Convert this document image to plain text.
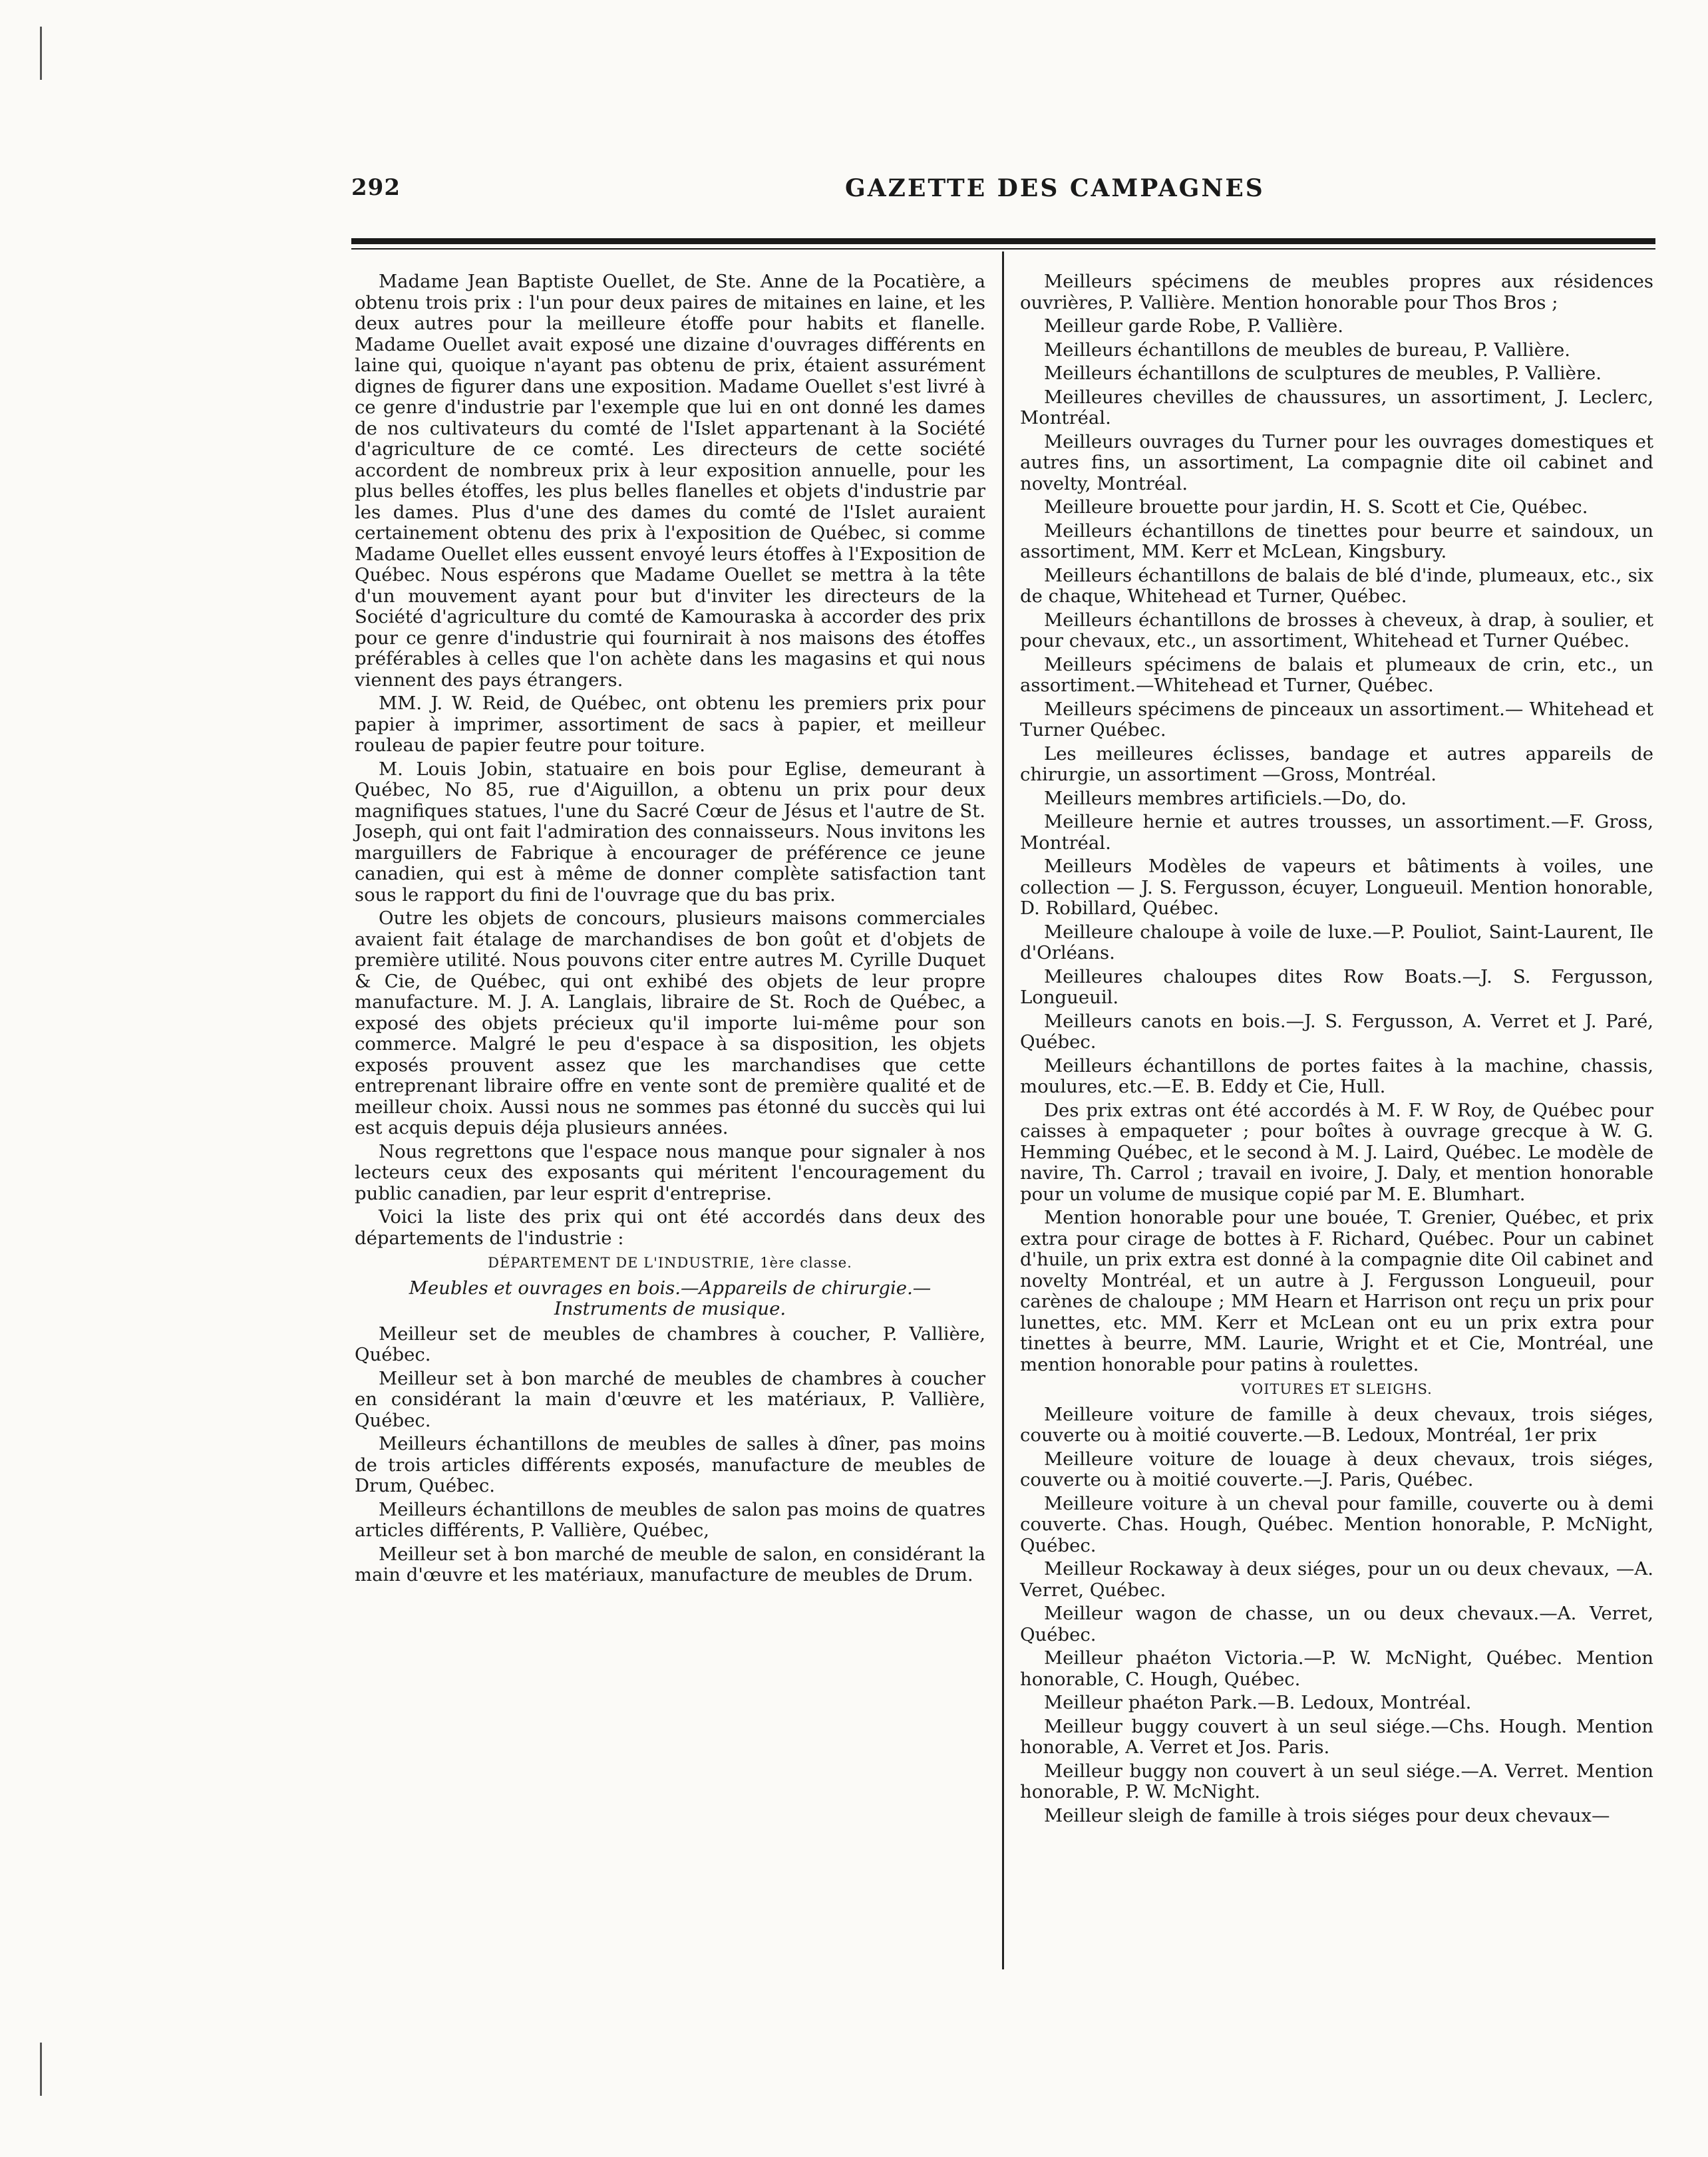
292	GAZETTE DES CAMPAGNES

Madame Jean Baptiste Ouellet, de Ste. Anne de la Pocatière, a obtenu trois prix : l'un pour deux paires de mitaines en laine, et les deux autres pour la meilleure étoffe pour habits et flanelle. Madame Ouellet avait exposé une dizaine d'ouvrages différents en laine qui, quoique n'ayant pas obtenu de prix, étaient assurément dignes de figurer dans une exposition. Madame Ouellet s'est livré à ce genre d'industrie par l'exemple que lui en ont donné les dames de nos cultivateurs du comté de l'Islet appartenant à la Société d'agriculture de ce comté. Les directeurs de cette société accordent de nombreux prix à leur exposition annuelle, pour les plus belles étoffes, les plus belles flanelles et objets d'industrie par les dames. Plus d'une des dames du comté de l'Islet auraient certainement obtenu des prix à l'exposition de Québec, si comme Madame Ouellet elles eussent envoyé leurs étoffes à l'Exposition de Québec. Nous espérons que Madame Ouellet se mettra à la tête d'un mouvement ayant pour but d'inviter les directeurs de la Société d'agriculture du comté de Kamouraska à accorder des prix pour ce genre d'industrie qui fournirait à nos maisons des étoffes préférables à celles que l'on achète dans les magasins et qui nous viennent des pays étrangers.

MM. J. W. Reid, de Québec, ont obtenu les premiers prix pour papier à imprimer, assortiment de sacs à papier, et meilleur rouleau de papier feutre pour toiture.

M. Louis Jobin, statuaire en bois pour Eglise, demeurant à Québec, No 85, rue d'Aiguillon, a obtenu un prix pour deux magnifiques statues, l'une du Sacré Cœur de Jésus et l'autre de St. Joseph, qui ont fait l'admiration des connaisseurs. Nous invitons les marguillers de Fabrique à encourager de préférence ce jeune canadien, qui est à même de donner complète satisfaction tant sous le rapport du fini de l'ouvrage que du bas prix.

Outre les objets de concours, plusieurs maisons commerciales avaient fait étalage de marchandises de bon goût et d'objets de première utilité. Nous pouvons citer entre autres M. Cyrille Duquet & Cie, de Québec, qui ont exhibé des objets de leur propre manufacture. M. J. A. Langlais, libraire de St. Roch de Québec, a exposé des objets précieux qu'il importe lui-même pour son commerce. Malgré le peu d'espace à sa disposition, les objets exposés prouvent assez que les marchandises que cette entreprenant libraire offre en vente sont de première qualité et de meilleur choix. Aussi nous ne sommes pas étonné du succès qui lui est acquis depuis déja plusieurs années.

Nous regrettons que l'espace nous manque pour signaler à nos lecteurs ceux des exposants qui méritent l'encouragement du public canadien, par leur esprit d'entreprise.

Voici la liste des prix qui ont été accordés dans deux des départements de l'industrie :

DÉPARTEMENT DE L'INDUSTRIE, 1ère classe.

Meubles et ouvrages en bois.—Appareils de chirurgie.—Instruments de musique.

Meilleur set de meubles de chambres à coucher, P. Vallière, Québec.

Meilleur set à bon marché de meubles de chambres à coucher en considérant la main d'œuvre et les matériaux, P. Vallière, Québec.

Meilleurs échantillons de meubles de salles à dîner, pas moins de trois articles différents exposés, manufacture de meubles de Drum, Québec.

Meilleurs échantillons de meubles de salon pas moins de quatres articles différents, P. Vallière, Québec,

Meilleur set à bon marché de meuble de salon, en considérant la main d'œuvre et les matériaux, manufacture de meubles de Drum.

Meilleurs spécimens de meubles propres aux résidences ouvrières, P. Vallière. Mention honorable pour Thos Bros ;

Meilleur garde Robe, P. Vallière.

Meilleurs échantillons de meubles de bureau, P. Vallière.

Meilleurs échantillons de sculptures de meubles, P. Vallière.

Meilleures chevilles de chaussures, un assortiment, J. Leclerc, Montréal.

Meilleurs ouvrages du Turner pour les ouvrages domestiques et autres fins, un assortiment, La compagnie dite oil cabinet and novelty, Montréal.

Meilleure brouette pour jardin, H. S. Scott et Cie, Québec.

Meilleurs échantillons de tinettes pour beurre et saindoux, un assortiment, MM. Kerr et McLean, Kingsbury.

Meilleurs échantillons de balais de blé d'inde, plumeaux, etc., six de chaque, Whitehead et Turner, Québec.

Meilleurs échantillons de brosses à cheveux, à drap, à soulier, et pour chevaux, etc., un assortiment, Whitehead et Turner Québec.

Meilleurs spécimens de balais et plumeaux de crin, etc., un assortiment.—Whitehead et Turner, Québec.

Meilleurs spécimens de pinceaux un assortiment.— Whitehead et Turner Québec.

Les meilleures éclisses, bandage et autres appareils de chirurgie, un assortiment —Gross, Montréal.

Meilleurs membres artificiels.—Do, do.

Meilleure hernie et autres trousses, un assortiment.—F. Gross, Montréal.

Meilleurs Modèles de vapeurs et bâtiments à voiles, une collection — J. S. Fergusson, écuyer, Longueuil. Mention honorable, D. Robillard, Québec.

Meilleure chaloupe à voile de luxe.—P. Pouliot, Saint-Laurent, Ile d'Orléans.

Meilleures chaloupes dites Row Boats.—J. S. Fergusson, Longueuil.

Meilleurs canots en bois.—J. S. Fergusson, A. Verret et J. Paré, Québec.

Meilleurs échantillons de portes faites à la machine, chassis, moulures, etc.—E. B. Eddy et Cie, Hull.

Des prix extras ont été accordés à M. F. W Roy, de Québec pour caisses à empaqueter ; pour boîtes à ouvrage grecque à W. G. Hemming Québec, et le second à M. J. Laird, Québec. Le modèle de navire, Th. Carrol ; travail en ivoire, J. Daly, et mention honorable pour un volume de musique copié par M. E. Blumhart.

Mention honorable pour une bouée, T. Grenier, Québec, et prix extra pour cirage de bottes à F. Richard, Québec. Pour un cabinet d'huile, un prix extra est donné à la compagnie dite Oil cabinet and novelty Montréal, et un autre à J. Fergusson Longueuil, pour carènes de chaloupe ; MM Hearn et Harrison ont reçu un prix pour lunettes, etc. MM. Kerr et McLean ont eu un prix extra pour tinettes à beurre, MM. Laurie, Wright et et Cie, Montréal, une mention honorable pour patins à roulettes.

VOITURES ET SLEIGHS.

Meilleure voiture de famille à deux chevaux, trois siéges, couverte ou à moitié couverte.—B. Ledoux, Montréal, 1er prix

Meilleure voiture de louage à deux chevaux, trois siéges, couverte ou à moitié couverte.—J. Paris, Québec.

Meilleure voiture à un cheval pour famille, couverte ou à demi couverte. Chas. Hough, Québec. Mention honorable, P. McNight, Québec.

Meilleur Rockaway à deux siéges, pour un ou deux chevaux, —A. Verret, Québec.

Meilleur wagon de chasse, un ou deux chevaux.—A. Verret, Québec.

Meilleur phaéton Victoria.—P. W. McNight, Québec. Mention honorable, C. Hough, Québec.

Meilleur phaéton Park.—B. Ledoux, Montréal.

Meilleur buggy couvert à un seul siége.—Chs. Hough. Mention honorable, A. Verret et Jos. Paris.

Meilleur buggy non couvert à un seul siége.—A. Verret. Mention honorable, P. W. McNight.

Meilleur sleigh de famille à trois siéges pour deux chevaux—
